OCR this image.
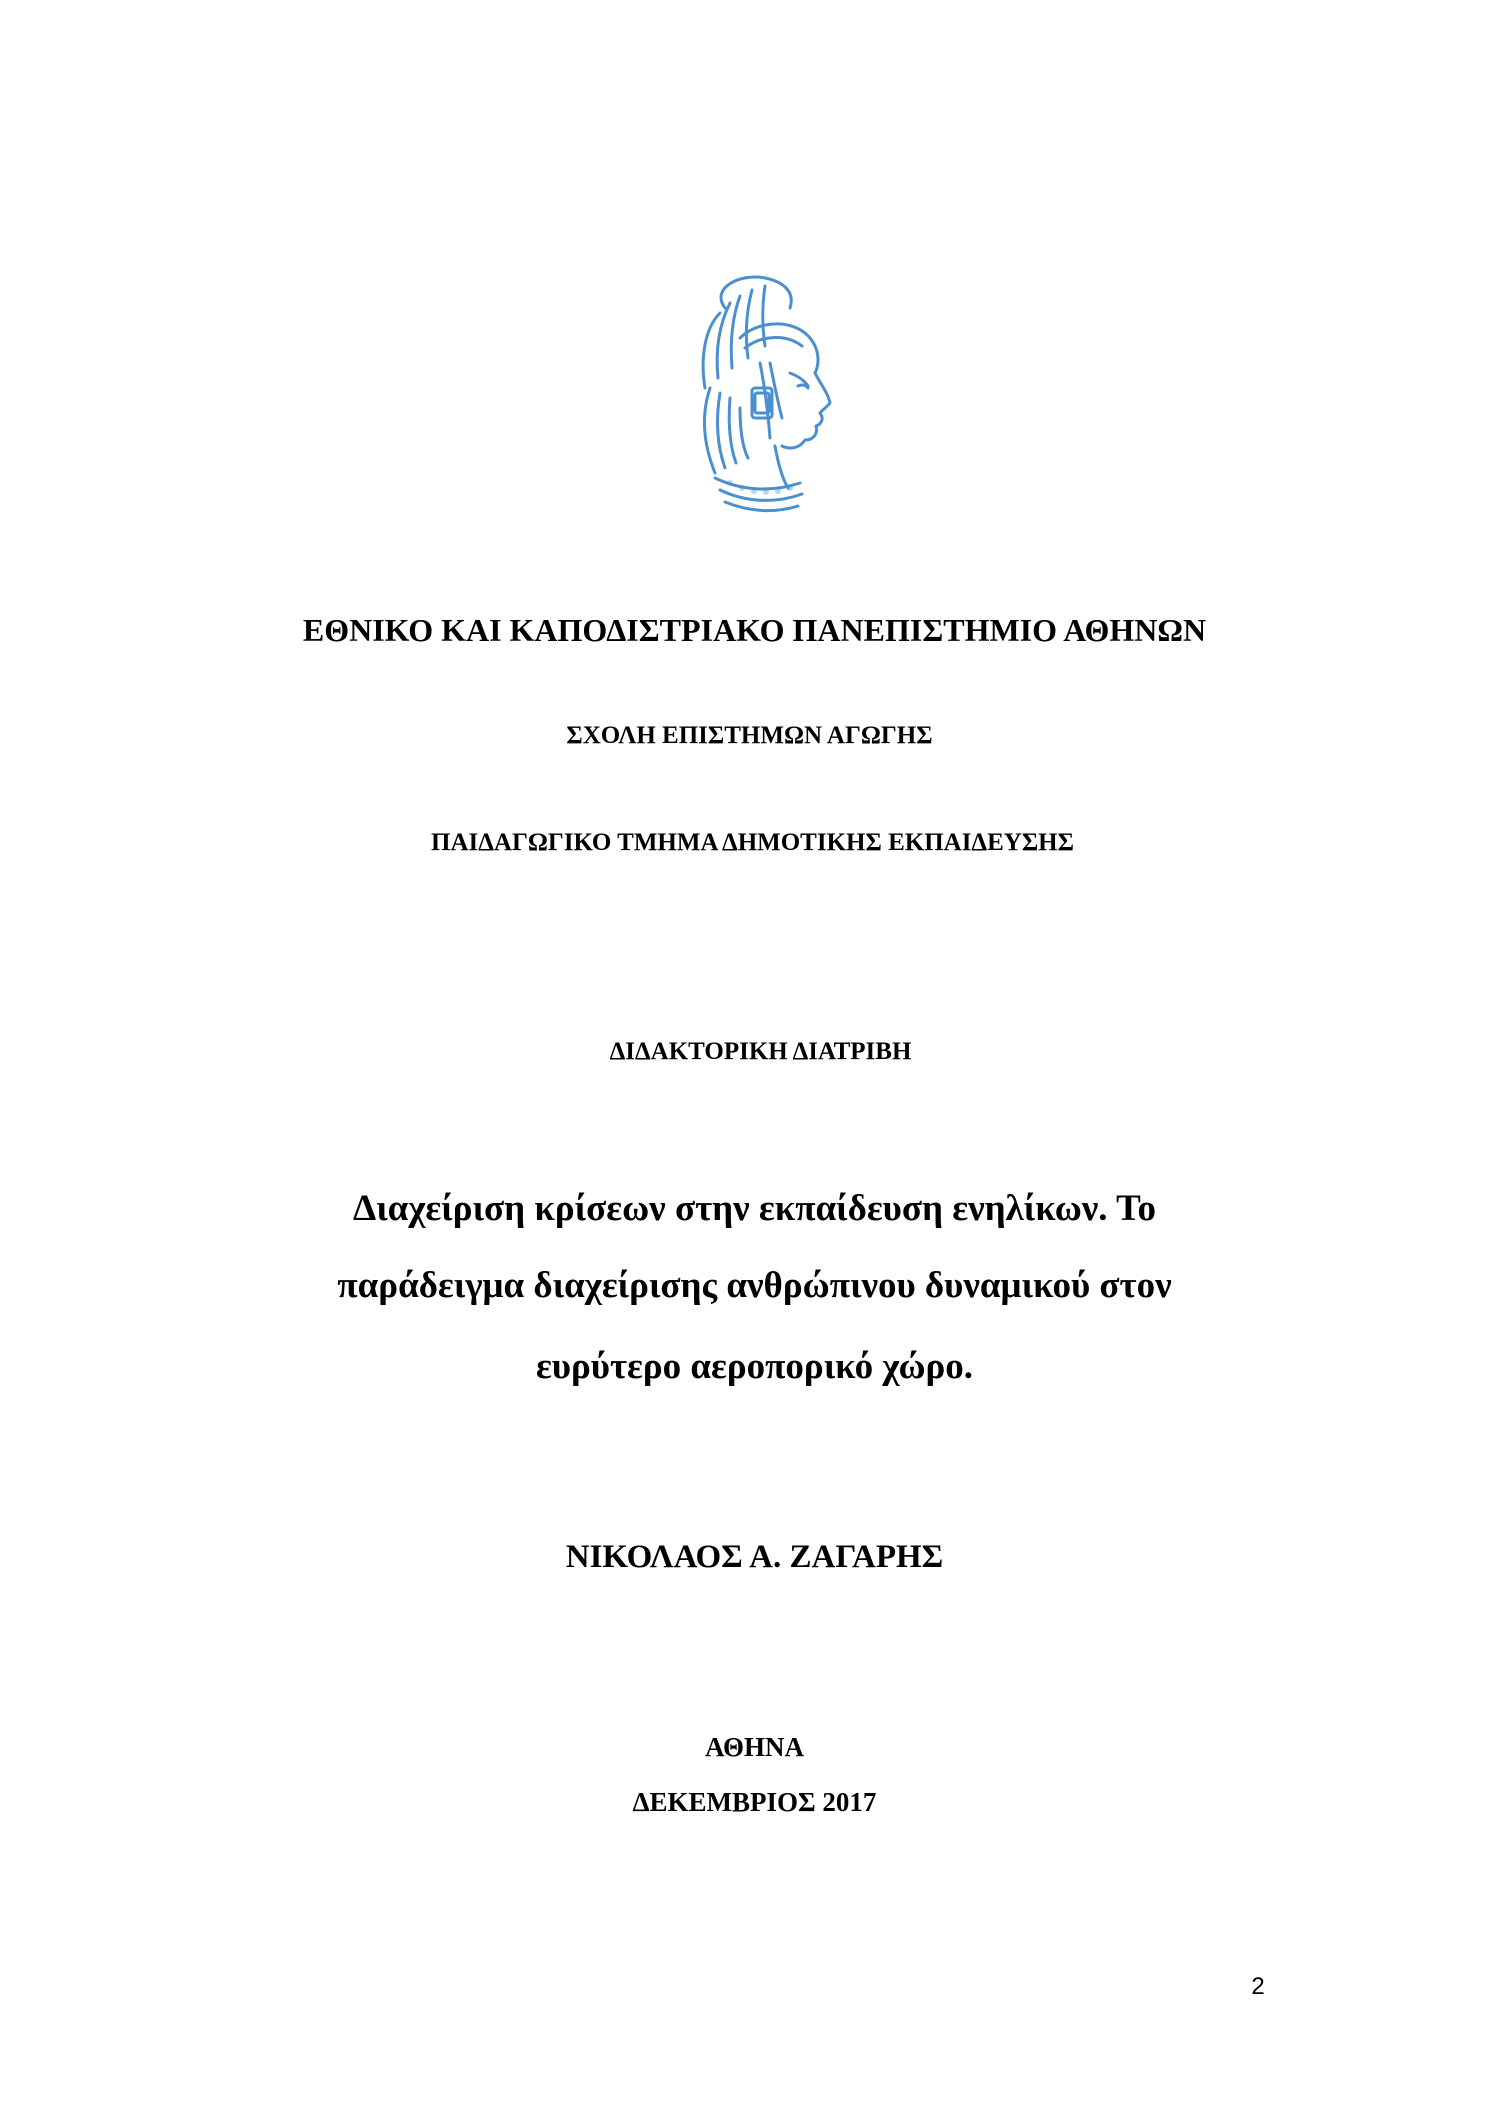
ΕΘΝΙΚΟ ΚΑΙ ΚΑΠΟΔΙΣΤΡΙΑΚΟ ΠΑΝΕΠΙΣΤΗΜΙΟ ΑΘΗΝΩΝ
ΣΧΟΛΗ ΕΠΙΣΤΗΜΩΝ ΑΓΩΓΗΣ
ΠΑΙΔΑΓΩΓΙΚΟ ΤΜΗΜΑ ΔΗΜΟΤΙΚΗΣ ΕΚΠΑΙΔΕΥΣΗΣ
ΔΙΔΑΚΤΟΡΙΚΗ ΔΙΑΤΡΙΒΗ
Διαχείριση κρίσεων στην εκπαίδευση ενηλίκων. Το
παράδειγμα διαχείρισης ανθρώπινου δυναμικού στον
ευρύτερο αεροπορικό χώρο.
ΝΙΚΟΛΑΟΣ Α. ΖΑΓΑΡΗΣ
ΑΘΗΝΑ
ΔΕΚΕΜΒΡΙΟΣ 2017
2
